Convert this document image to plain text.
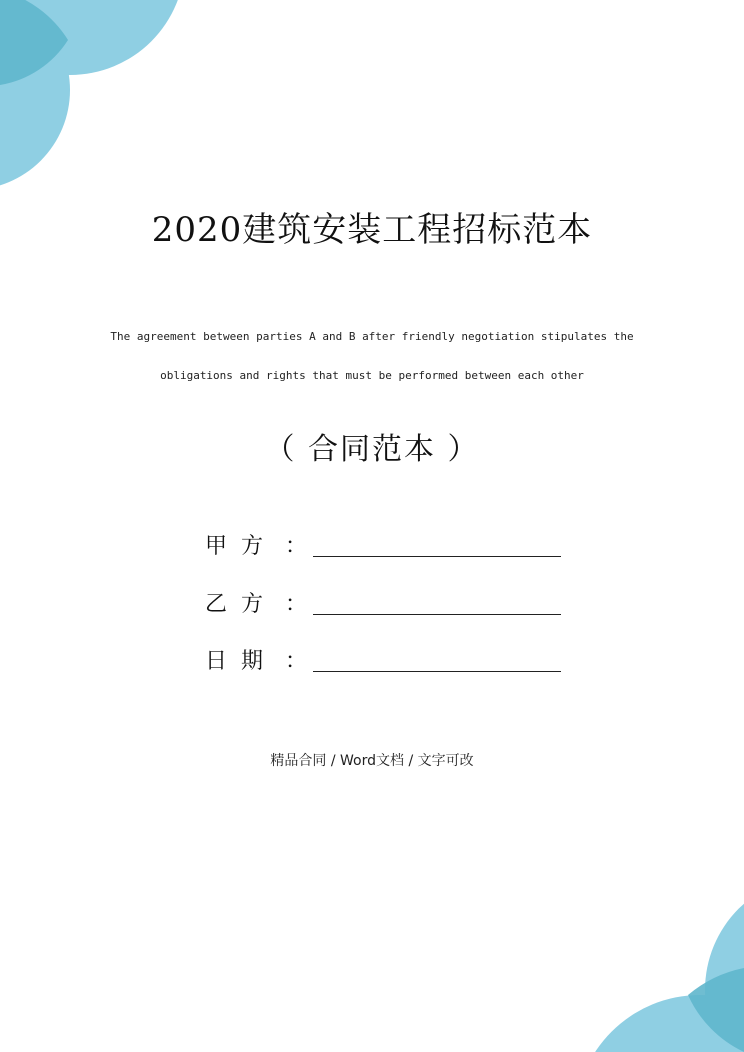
2020建筑安装工程招标范本
The agreement between parties A and B after friendly negotiation stipulates the
obligations and rights that must be performed between each other
（ 合同范本 ）
甲  方	：
乙  方	：
日  期	：
精品合同 / Word文档 / 文字可改
